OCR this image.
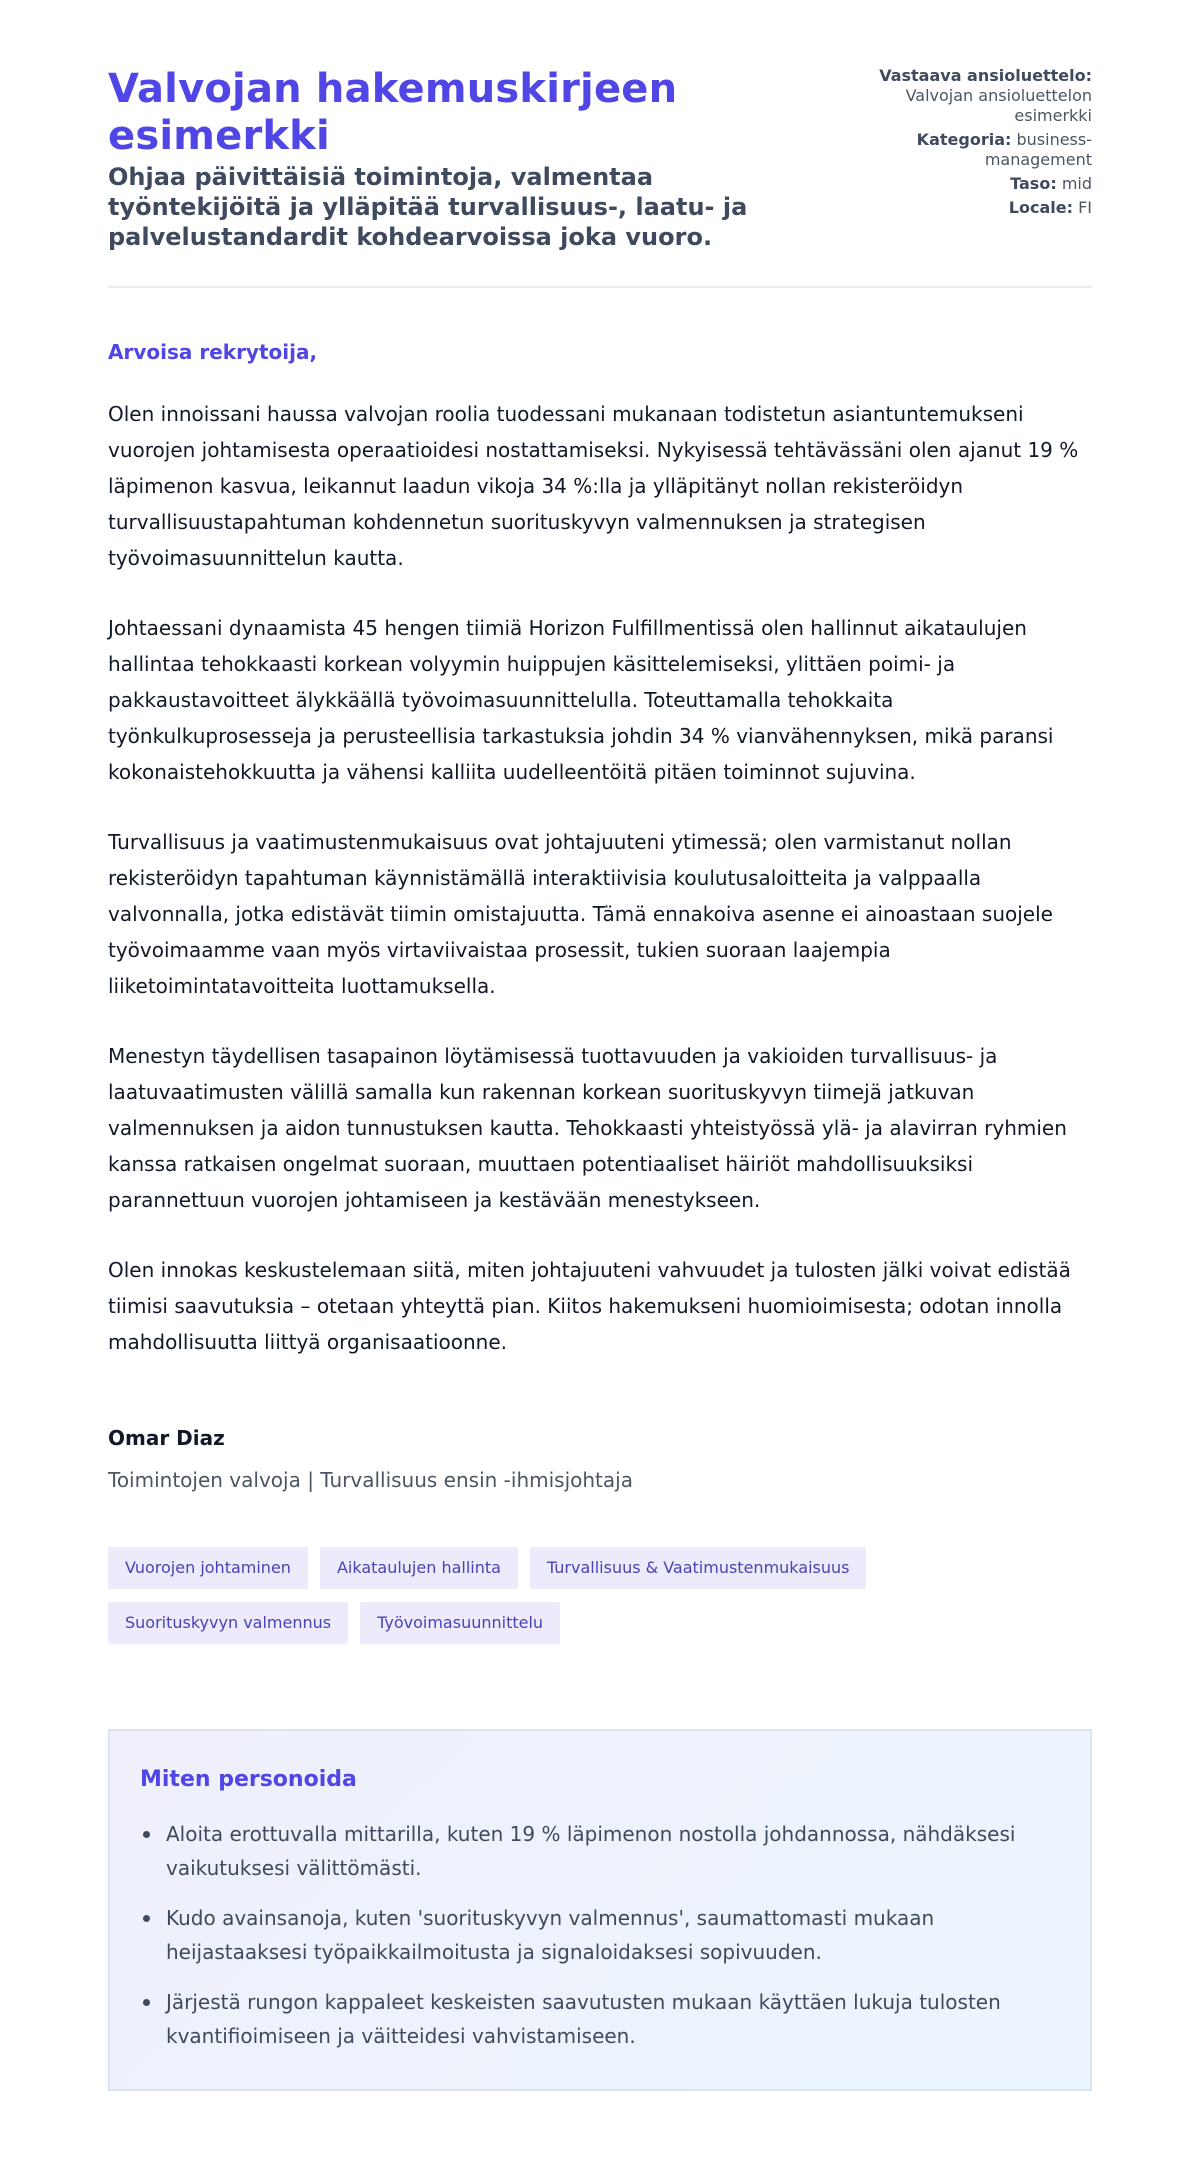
Valvojan hakemuskirjeen esimerkki
Ohjaa päivittäisiä toimintoja, valmentaa työntekijöitä ja ylläpitää turvallisuus-, laatu- ja palvelustandardit kohdearvoissa joka vuoro.
Vastaava ansioluettelo: Valvojan ansioluettelon esimerkki
Kategoria: business-management
Taso: mid
Locale: FI

Arvoisa rekrytoija,

Olen innoissani haussa valvojan roolia tuodessani mukanaan todistetun asiantuntemukseni vuorojen johtamisesta operaatioidesi nostattamiseksi. Nykyisessä tehtävässäni olen ajanut 19 % läpimenon kasvua, leikannut laadun vikoja 34 %:lla ja ylläpitänyt nollan rekisteröidyn turvallisuustapahtuman kohdennetun suorituskyvyn valmennuksen ja strategisen työvoimasuunnittelun kautta.

Johtaessani dynaamista 45 hengen tiimiä Horizon Fulfillmentissä olen hallinnut aikataulujen hallintaa tehokkaasti korkean volyymin huippujen käsittelemiseksi, ylittäen poimi- ja pakkaustavoitteet älykkäällä työvoimasuunnittelulla. Toteuttamalla tehokkaita työnkulkuprosesseja ja perusteellisia tarkastuksia johdin 34 % vianvähennyksen, mikä paransi kokonaistehokkuutta ja vähensi kalliita uudelleentöitä pitäen toiminnot sujuvina.

Turvallisuus ja vaatimustenmukaisuus ovat johtajuuteni ytimessä; olen varmistanut nollan rekisteröidyn tapahtuman käynnistämällä interaktiivisia koulutusaloitteita ja valppaalla valvonnalla, jotka edistävät tiimin omistajuutta. Tämä ennakoiva asenne ei ainoastaan suojele työvoimaamme vaan myös virtaviivaistaa prosessit, tukien suoraan laajempia liiketoimintatavoitteita luottamuksella.

Menestyn täydellisen tasapainon löytämisessä tuottavuuden ja vakioiden turvallisuus- ja laatuvaatimusten välillä samalla kun rakennan korkean suorituskyvyn tiimejä jatkuvan valmennuksen ja aidon tunnustuksen kautta. Tehokkaasti yhteistyössä ylä- ja alavirran ryhmien kanssa ratkaisen ongelmat suoraan, muuttaen potentiaaliset häiriöt mahdollisuuksiksi parannettuun vuorojen johtamiseen ja kestävään menestykseen.

Olen innokas keskustelemaan siitä, miten johtajuuteni vahvuudet ja tulosten jälki voivat edistää tiimisi saavutuksia – otetaan yhteyttä pian. Kiitos hakemukseni huomioimisesta; odotan innolla mahdollisuutta liittyä organisaatioonne.

Omar Diaz
Toimintojen valvoja | Turvallisuus ensin -ihmisjohtaja
Vuorojen johtaminen	Aikataulujen hallinta	Turvallisuus & Vaatimustenmukaisuus
Suorituskyvyn valmennus	Työvoimasuunnittelu
Miten personoida
Aloita erottuvalla mittarilla, kuten 19 % läpimenon nostolla johdannossa, nähdäksesi vaikutuksesi välittömästi.
Kudo avainsanoja, kuten 'suorituskyvyn valmennus', saumattomasti mukaan heijastaaksesi työpaikkailmoitusta ja signaloidaksesi sopivuuden.
Järjestä rungon kappaleet keskeisten saavutusten mukaan käyttäen lukuja tulosten kvantifioimiseen ja väitteidesi vahvistamiseen.
